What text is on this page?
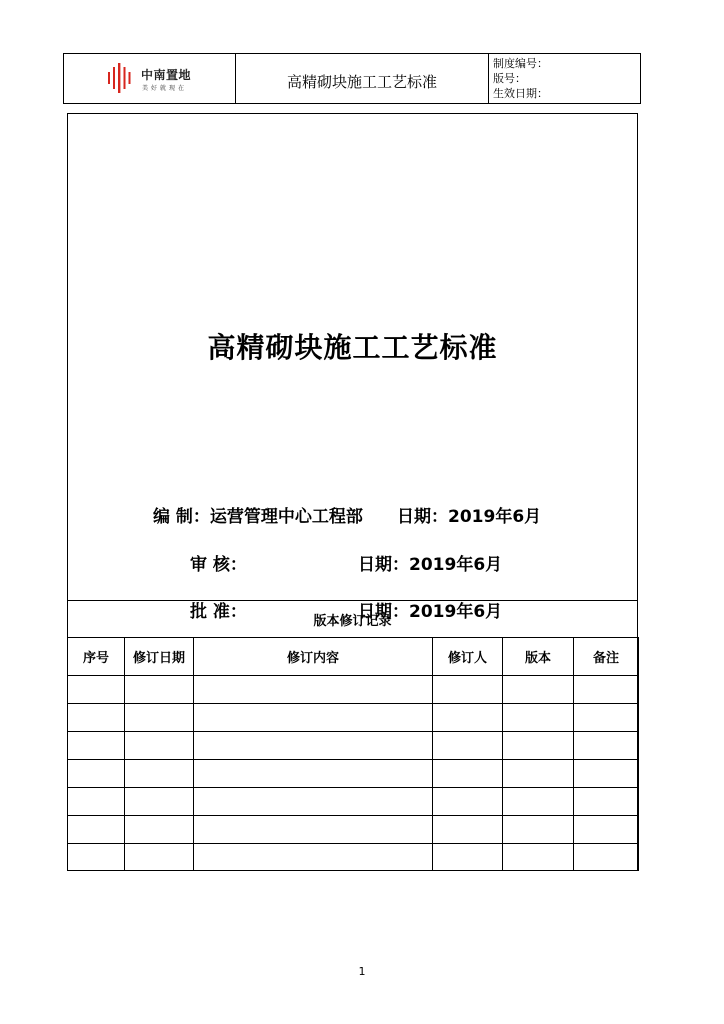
中南置地
美好就现在	高精砌块施工工艺标准
制度编号：
版号：
生效日期：
高精砌块施工工艺标准
编 制：运营管理中心工程部 日期：2019年6月
审 核：	日期：2019年6月
批 准：	日期：2019年6月
版本修订记录
序号	修订日期	修订内容	修订人	版本	备注

1
